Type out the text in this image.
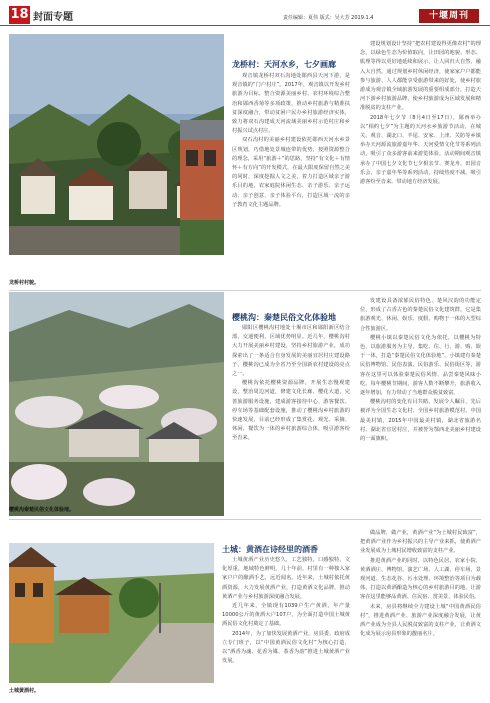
18 封面专题	责任编辑：夏伟 版式：吴大芳 2019.1.4	十堰周刊
龙桥村村貌。
龙桥村：天河水乡，七夕画廊

观音镇龙桥村双石沟地处郧西县天河下游，是观音镇的“门户村庄”。2017年，观音镇以开发乡村旅游为目标，整合资源美丽乡村、农村环境综合整治和郧西香菊等多项政策，推动乡村旅游与精准扶贫深度融合，带动贫困户民办乡村旅游经济实体，致力将双石沟建成天河流域美丽乡村示范村庄和乡村振兴试点村庄。

双石沟村的美丽乡村建设依托郧西天河水乡景区规划，巧借地处景城连带的优势，按照资源整合的理念，采用“旅游＋”的思路，坚持“有文化＋有情怀＋有方向”的开发模式，在最大限度保留自然之美的同时，深度挖掘人文之美，着力打造区域亲子游乐目的地、农家庭院休闲生态、亲子游乐、亲子运动、亲子创意、亲子体验平台，打造区域一流的亲子教育文化主题品牌。

建设规划设计坚持“把农村建设得更像农村”的理念，以绿色生态为价值取向，让田园的地貌、形态、肌理等得以更好地延续和展示，让人回归大自然、融入大自然。通过规划乡村休闲经济，使家家户户都能参与旅游、人人都能享受旅游带来的好处，使乡村旅游成为观音镇全域旅游发展的重要组成部分，打造天河下游乡村旅游品牌，使乡村旅游成为区域发展和精准脱贫的支柱产业。

2018年七夕节（8月4日至17日），郧西举办以“相约七夕”为主题的天河水乡旅游节活动，在城关、观音、湖北口、羊尾、安家、上津、关防等乡镇举办天河源流旅游嘉年华、天河爱情文化节等系列活动，吸引了众多游客前来游览体验。活动期间观音镇承办了中国七夕文化节七夕相亲节、赛龙舟、田园音乐会、亲子嘉年华等系列活动，持续热度不减，吸引游客纷至沓来，带动地方经济发展。

樱桃沟：秦楚民俗文化体验地
樱桃沟秦楚民俗文化体验地。

郧阳区樱桃沟村地处十堰市区和郧阳新区结合部，交通便利，区域优势明显。近几年，樱桃沟村大力开展美丽乡村建设，坚持乡村旅游产业，成功探索出了一条适合自身发展的美丽宜居村庄建设路子，樱桃沟已成为全省乃至全国新农村建设的亮点之一。

樱桃沟依托樱桃资源品牌，开展生态慢观建设，整治周边河道，修建文化长廊、樱花大道，完善旅游服务设施，建成游客接待中心、游客餐饮、停车场等基础配套设施，推动了樱桃沟乡村旅游的快速发展，目前已经形成了集赏花、观光、采摘、休闲、餐饮为一体的乡村旅游综合体，吸引游客纷至沓来。

发建设具备浓郁民俗特色、楚风汉韵的功能定位，形成了古香古色的秦楚民俗文化建筑群。它是集旅游观光、休闲、娱乐、度假、购物于一体的大型综合性旅游区。

樱桃小镇以秦楚民俗文化为依托，以樱桃为特色，以旅游服务为主导，集吃、住、行、游、购、娱于一体，打造“秦楚民俗文化体验地”。小镇建有秦楚民俗博物馆、民俗表演、民俗游乐、民俗街区等，游客在这里可以体验秦楚民俗风情、品尝秦楚风味小吃。每年樱桃节期间，游客人数不断攀升，旅游收入逐年增加，有力带动了当地群众脱贫致富。

樱桃沟村的变化有目共睹，发展令人瞩目，先后被评为全国生态文化村、全国乡村旅游模范村、中国最美村镇，2015年中国最美村镇，湖北省旅游名村、湖北省宜居村庄，并被誉为鄂西北美丽乡村建设的一面旗帜。

土城黄酒村。
土城：黄酒在诗经里的酒香

土城黄酒产业历史悠久，工艺独特，口感独特，文化厚重，地域特色鲜明。几十年前，村里有一种独入家家户户的酿酒手艺，远近闻名。近年来，土城村依托黄酒资源，大力发展黄酒产业，打造黄酒文化品牌，推动黄酒产业与乡村旅游深度融合发展。

近几年来，全镇现有1039户生产黄酒，年产量10000公斤的黄酒大户107户，为全面打造中国土城黄酒民俗文化村奠定了基础。

2014年，为了加快发展黄酒产业，房县委、政府成立专门班子，以“中国黄酒民俗文化村”为核心打造，以“酒香为魂、花香为媒、茶香为韵”推进土城黄酒产业发展。

做品牌，做产业，黄酒产业“为土城村民致富”，把黄酒产业作为乡村振兴的主导产业来抓，使黄酒产业发展成为土城村民增收致富的支柱产业。

推进黄酒产业的同时，以特色民居、农家小院、黄酒酒庄、博物馆、演艺广场、人工湖、停车场、景观河道、生态花谷、污水处理、环境整治等项目为载体，打造以黄酒酿造为核心的乡村旅游目的地，让游客在这里能够品黄酒、住民宿、赏美景、体验民俗。

未来，房县将继续全力建设土城“中国黄酒民俗村”，推进黄酒产业、旅游产业深度融合发展，让黄酒产业成为全县人民脱贫致富的支柱产业，让黄酒文化成为展示房县形象的靓丽名片。
